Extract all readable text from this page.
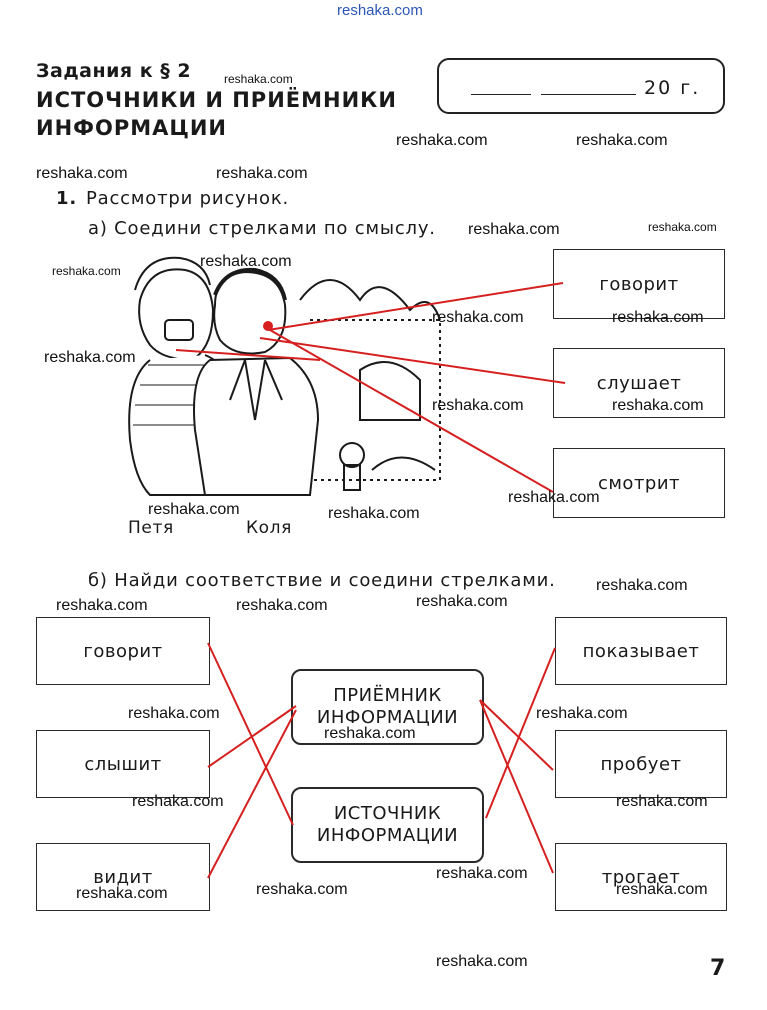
reshaka.com
Задания к § 2
ИСТОЧНИКИ И ПРИЁМНИКИ
ИНФОРМАЦИИ
20 г.
1. Рассмотри рисунок.
а) Соедини стрелками по смыслу.
Петя	Коля
говорит
слушает
смотрит
б) Найди соответствие и соедини стрелками.
говорит
слышит
видит
ПРИЁМНИК
ИНФОРМАЦИИ
ИСТОЧНИК
ИНФОРМАЦИИ
показывает
пробует
трогает
reshaka.com
reshaka.com	reshaka.com
reshaka.com	reshaka.com
reshaka.com	reshaka.com
reshaka.com
reshaka.com
reshaka.com	reshaka.com
reshaka.com
reshaka.com	reshaka.com
reshaka.com
reshaka.com	reshaka.com
reshaka.com
reshaka.com
reshaka.com	reshaka.com
reshaka.com	reshaka.com
reshaka.com
reshaka.com	reshaka.com
reshaka.com
reshaka.com	reshaka.com
reshaka.com
reshaka.com	7
